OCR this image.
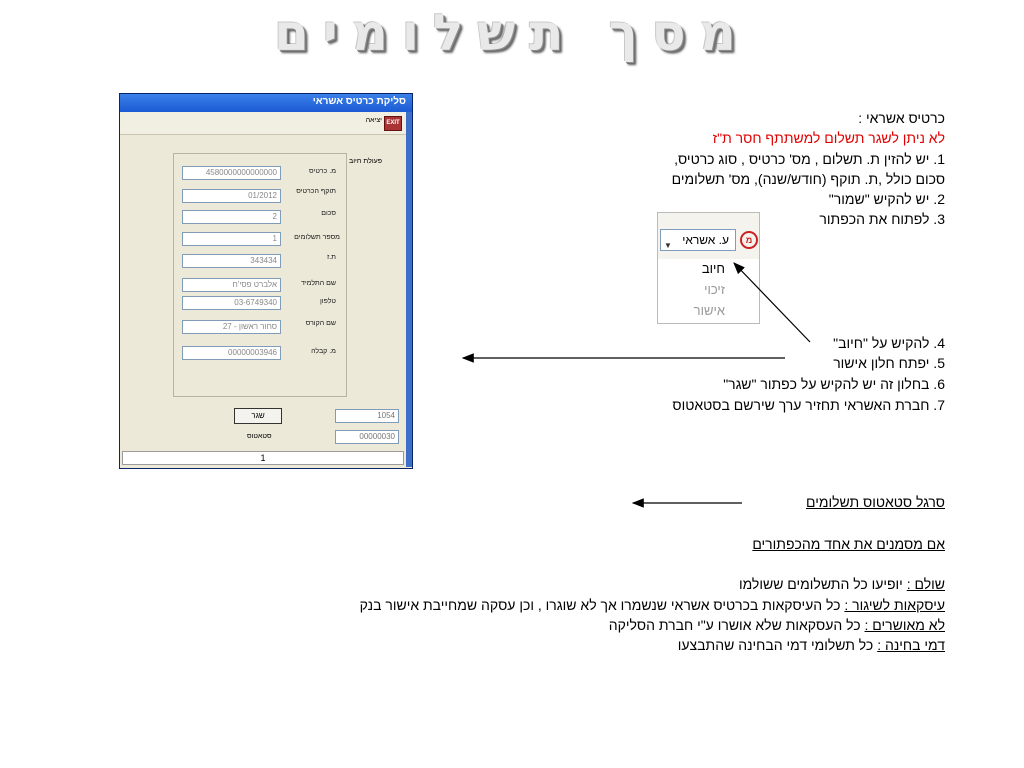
מסך תשלומים
סליקת כרטיס אשראי
יציאה EXIT
פעולת חיוב
4580000000000000	מ. כרטיס
01/2012	תוקף הכרטיס
2	סכום
1	מספר תשלומים
343434	ת.ז
אלברט פסי'ח	שם התלמיד
03-6749340	טלפון
סחור ראשון - 27	שם הקורס
00000003946	מ. קבלה
שגר	1054
סטאטוס	00000030
1
כרטיס אשראי :
לא ניתן לשגר תשלום למשתתף חסר ת"ז
1. יש להזין ת. תשלום , מס' כרטיס , סוג כרטיס,
סכום כולל ,ת. תוקף (חודש/שנה), מס' תשלומים
2. יש להקיש "שמור"
3. לפתוח את הכפתור
ע. אשראי
▼
מ
חיוב
זיכוי
אישור
4. להקיש על "חיוב"
5. יפתח חלון אישור
6. בחלון זה יש להקיש על כפתור "שגר"
7. חברת האשראי תחזיר ערך שירשם בסטאטוס
סרגל סטאטוס תשלומים
אם מסמנים את אחד מהכפתורים
שולם : יופיעו כל התשלומים ששולמו
עיסקאות לשיגור : כל העיסקאות בכרטיס אשראי שנשמרו אך לא שוגרו , וכן עסקה שמחייבת אישור בנק
לא מאושרים : כל העסקאות שלא אושרו ע"י חברת הסליקה
דמי בחינה : כל תשלומי דמי הבחינה שהתבצעו
